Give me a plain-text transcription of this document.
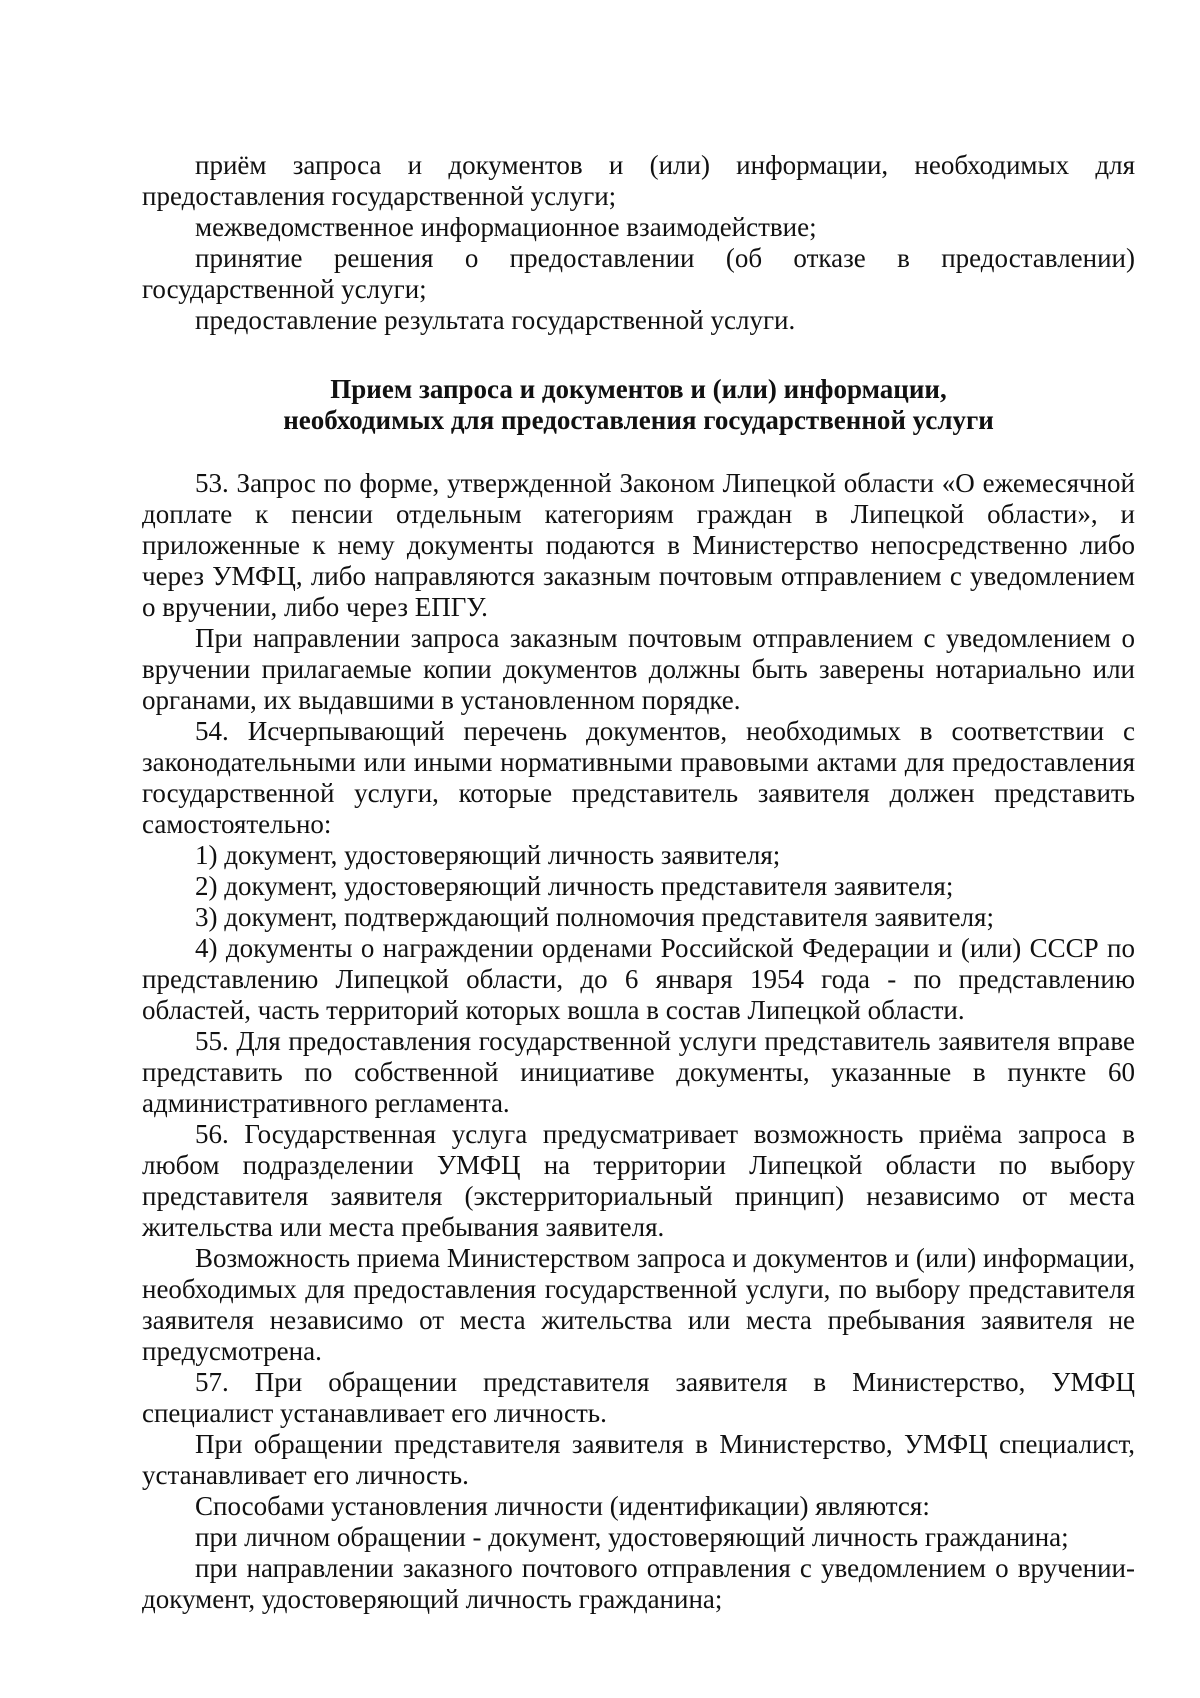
приём запроса и документов и (или) информации, необходимых для предоставления государственной услуги;

межведомственное информационное взаимодействие;

принятие решения о предоставлении (об отказе в предоставлении) государственной услуги;

предоставление результата государственной услуги.

Прием запроса и документов и (или) информации,
необходимых для предоставления государственной услуги

53. Запрос по форме, утвержденной Законом Липецкой области «О ежемесячной доплате к пенсии отдельным категориям граждан в Липецкой области», и приложенные к нему документы подаются в Министерство непосредственно либо через УМФЦ, либо направляются заказным почтовым отправлением с уведомлением о вручении, либо через ЕПГУ.

При направлении запроса заказным почтовым отправлением с уведомлением о вручении прилагаемые копии документов должны быть заверены нотариально или органами, их выдавшими в установленном порядке.

54. Исчерпывающий перечень документов, необходимых в соответствии с законодательными или иными нормативными правовыми актами для предоставления государственной услуги, которые представитель заявителя должен представить самостоятельно:

1) документ, удостоверяющий личность заявителя;

2) документ, удостоверяющий личность представителя заявителя;

3) документ, подтверждающий полномочия представителя заявителя;

4) документы о награждении орденами Российской Федерации и (или) СССР по представлению Липецкой области, до 6 января 1954 года - по представлению областей, часть территорий которых вошла в состав Липецкой области.

55. Для предоставления государственной услуги представитель заявителя вправе представить по собственной инициативе документы, указанные в пункте 60 административного регламента.

56. Государственная услуга предусматривает возможность приёма запроса в любом подразделении УМФЦ на территории Липецкой области по выбору представителя заявителя (экстерриториальный принцип) независимо от места жительства или места пребывания заявителя.

Возможность приема Министерством запроса и документов и (или) информации, необходимых для предоставления государственной услуги, по выбору представителя заявителя независимо от места жительства или места пребывания заявителя не предусмотрена.

57. При обращении представителя заявителя в Министерство, УМФЦ специалист устанавливает его личность.

При обращении представителя заявителя в Министерство, УМФЦ специалист, устанавливает его личность.

Способами установления личности (идентификации) являются:

при личном обращении - документ, удостоверяющий личность гражданина;

при направлении заказного почтового отправления с уведомлением о вручении-документ, удостоверяющий личность гражданина;
